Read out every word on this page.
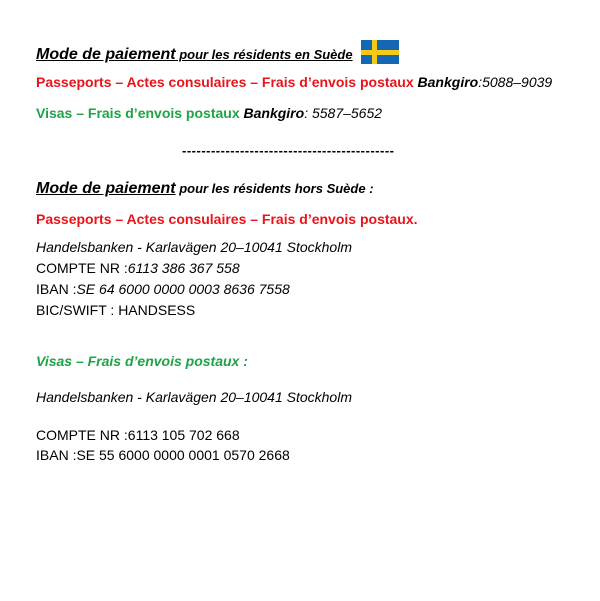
Mode de paiement pour les résidents en Suède
Passeports – Actes consulaires – Frais d’envois postaux Bankgiro:5088–9039
Visas – Frais d’envois postaux Bankgiro: 5587–5652
--------------------------------------------
Mode de paiement pour les résidents hors Suède :
Passeports – Actes consulaires – Frais d’envois postaux.
Handelsbanken - Karlavägen 20–10041 Stockholm
COMPTE NR :6113 386 367 558
IBAN :SE 64 6000 0000 0003 8636 7558
BIC/SWIFT : HANDSESS
Visas – Frais d’envois postaux :
Handelsbanken - Karlavägen 20–10041 Stockholm
COMPTE NR :6113 105 702 668
IBAN :SE 55 6000 0000 0001 0570 2668
